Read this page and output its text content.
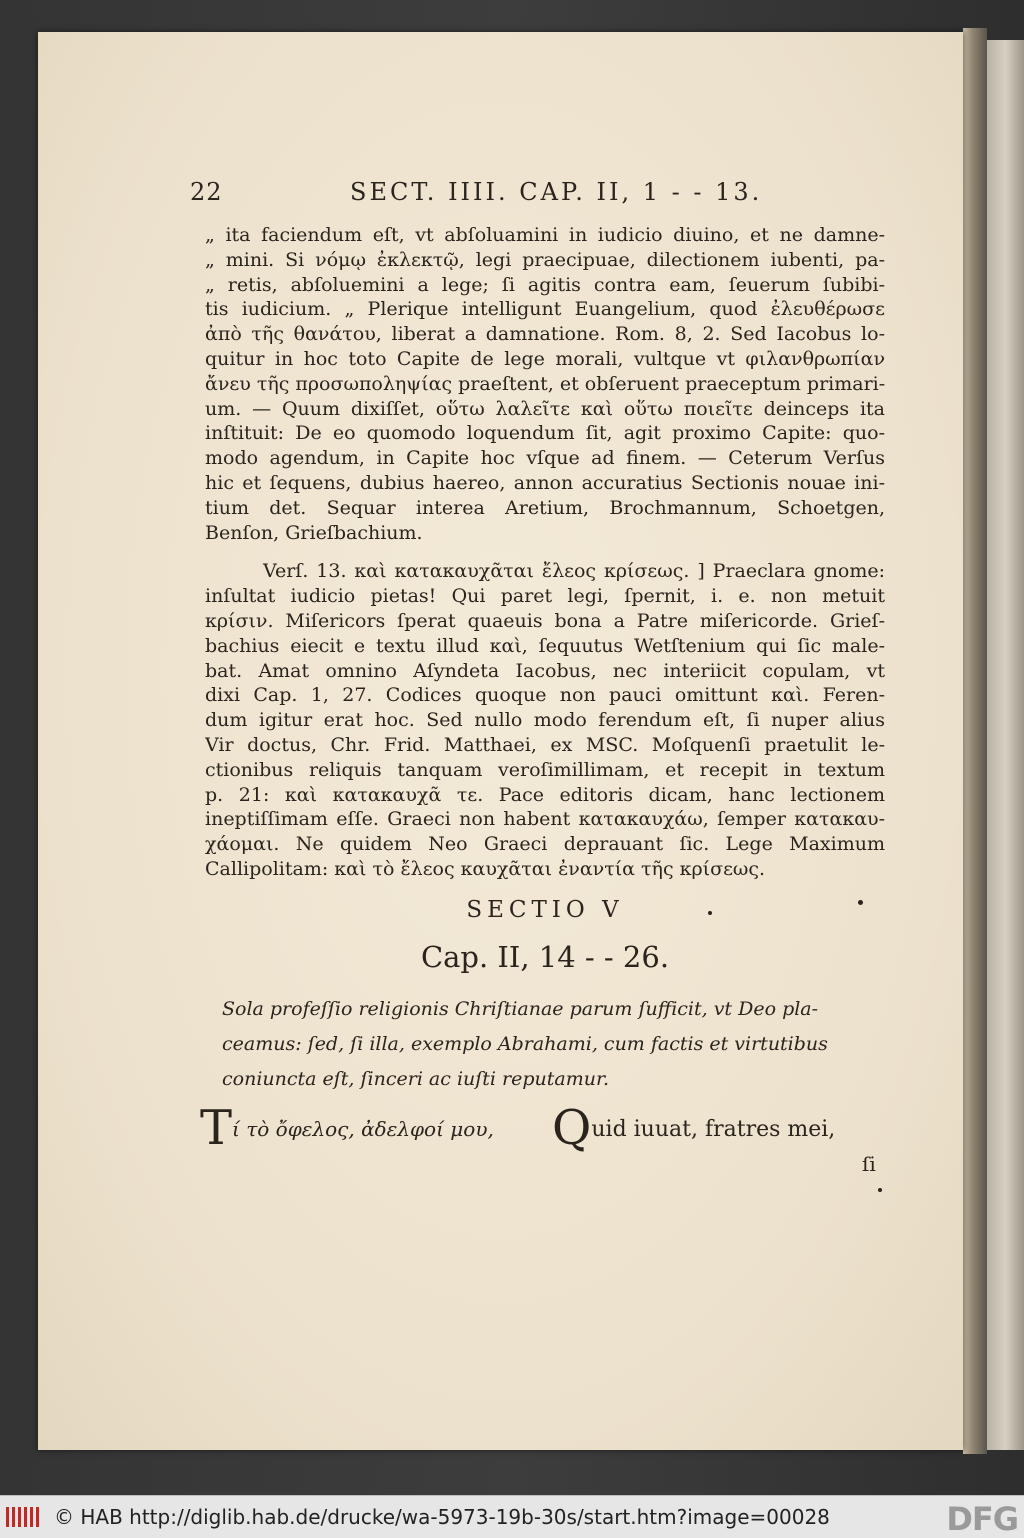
22	SECT. IIII. CAP. II, 1 - - 13.

„ ita faciendum eſt, vt abſoluamini in iudicio diuino, et ne damne-

„ mini. Si νόμῳ ἐκλεκτῷ, legi praecipuae, dilectionem iubenti, pa-

„ retis, abſoluemini a lege; ſi agitis contra eam, ſeuerum ſubibi-

tis iudicium. „ Plerique intelligunt Euangelium, quod ἐλευθέρωσε

ἀπὸ τῆς θανάτου, liberat a damnatione. Rom. 8, 2. Sed Iacobus lo-

quitur in hoc toto Capite de lege morali, vultque vt φιλανθρωπίαν

ἄνευ τῆς προσωποληψίας praeſtent, et obſeruent praeceptum primari-

um. — Quum dixiſſet, οὕτω λαλεῖτε καὶ οὕτω ποιεῖτε deinceps ita

inſtituit: De eo quomodo loquendum ſit, agit proximo Capite: quo-

modo agendum, in Capite hoc vſque ad finem. — Ceterum Verſus

hic et ſequens, dubius haereo, annon accuratius Sectionis nouae ini-

tium det. Sequar interea Aretium, Brochmannum, Schoetgen,

Benſon, Grieſbachium.

Verſ. 13. καὶ κατακαυχᾶται ἔλεος κρίσεως. ] Praeclara gnome:

inſultat iudicio pietas! Qui paret legi, ſpernit, i. e. non metuit

κρίσιν. Miſericors ſperat quaeuis bona a Patre miſericorde. Grieſ-

bachius eiecit e textu illud καὶ, ſequutus Wetſtenium qui ſic male-

bat. Amat omnino Aſyndeta Iacobus, nec interiicit copulam, vt

dixi Cap. 1, 27. Codices quoque non pauci omittunt καὶ. Feren-

dum igitur erat hoc. Sed nullo modo ferendum eſt, ſi nuper alius

Vir doctus, Chr. Frid. Matthaei, ex MSC. Moſquenſi praetulit le-

ctionibus reliquis tanquam veroſimillimam, et recepit in textum

p. 21: καὶ κατακαυχᾶ τε. Pace editoris dicam, hanc lectionem

ineptiſſimam eſſe. Graeci non habent κατακαυχάω, ſemper κατακαυ-

χάομαι. Ne quidem Neo Graeci deprauant ſic. Lege Maximum

Callipolitam: καὶ τὸ ἔλεος καυχᾶται ἐναντία τῆς κρίσεως.

SECTIO V
Cap. II, 14 - - 26.

Sola profeſſio religionis Chriſtianae parum ſufficit, vt Deo pla-

ceamus: ſed, ſi illa, exemplo Abrahami, cum factis et virtutibus

coniuncta eſt, ſinceri ac iuſti reputamur.

Tί τὸ ὄφελος, ἀδελφοί μου, Quid iuuat, fratres mei,
ſi
© HAB http://diglib.hab.de/drucke/wa-5973-19b-30s/start.htm?image=00028	DFG
